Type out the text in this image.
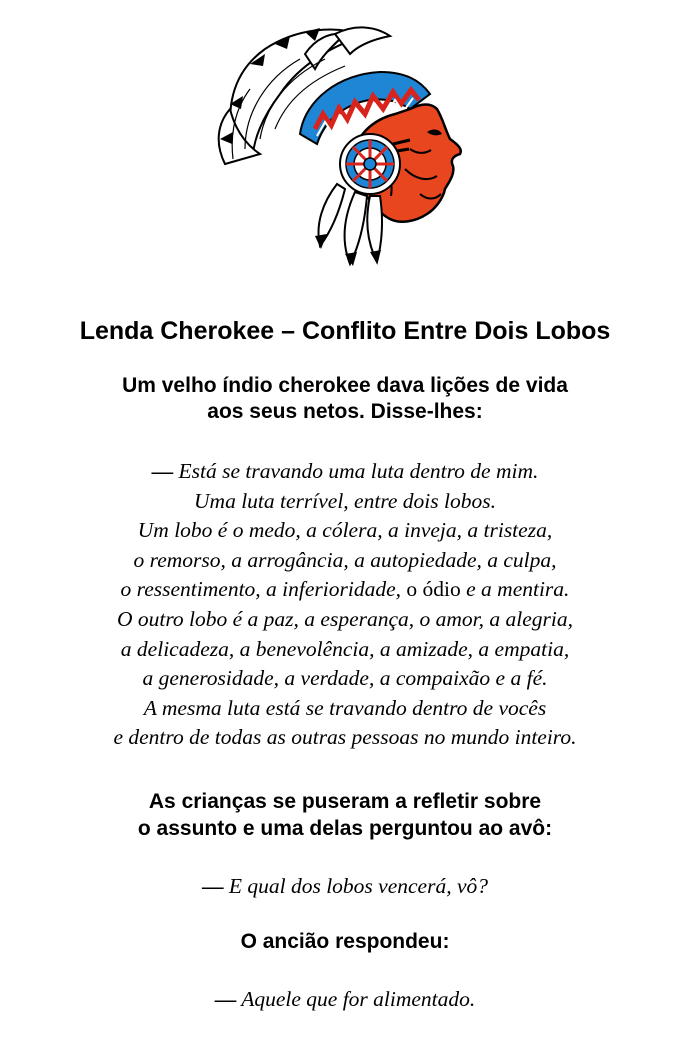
Lenda Cherokee – Conflito Entre Dois Lobos
Um velho índio cherokee dava lições de vida
aos seus netos. Disse-lhes:
— Está se travando uma luta dentro de mim.
Uma luta terrível, entre dois lobos.
Um lobo é o medo, a cólera, a inveja, a tristeza,
o remorso, a arrogância, a autopiedade, a culpa,
o ressentimento, a inferioridade, o ódio e a mentira.
O outro lobo é a paz, a esperança, o amor, a alegria,
a delicadeza, a benevolência, a amizade, a empatia,
a generosidade, a verdade, a compaixão e a fé.
A mesma luta está se travando dentro de vocês
e dentro de todas as outras pessoas no mundo inteiro.
As crianças se puseram a refletir sobre
o assunto e uma delas perguntou ao avô:
— E qual dos lobos vencerá, vô?
O ancião respondeu:
— Aquele que for alimentado.
